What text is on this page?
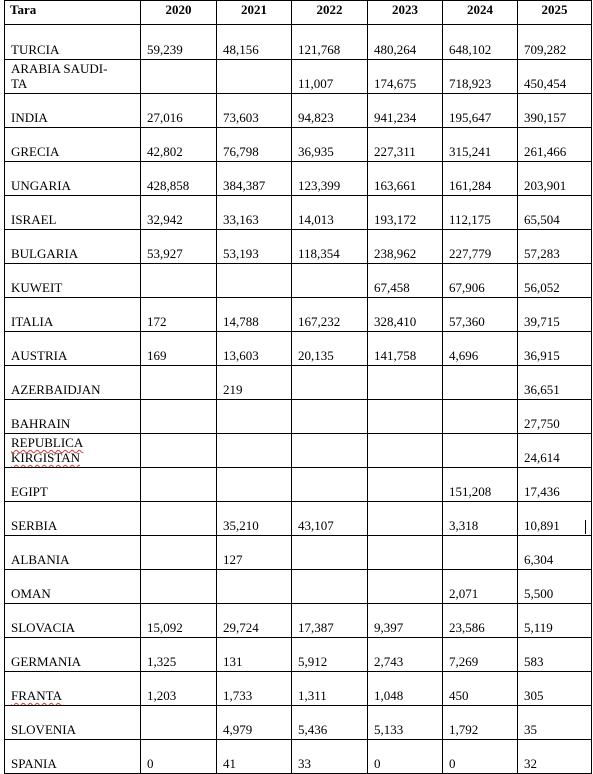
Tara	2020	2021	2022	2023	2024	2025
TURCIA	59,239	48,156	121,768	480,264	648,102	709,282
ARABIA SAUDI-
TA			11,007	174,675	718,923	450,454
INDIA	27,016	73,603	94,823	941,234	195,647	390,157
GRECIA	42,802	76,798	36,935	227,311	315,241	261,466
UNGARIA	428,858	384,387	123,399	163,661	161,284	203,901
ISRAEL	32,942	33,163	14,013	193,172	112,175	65,504
BULGARIA	53,927	53,193	118,354	238,962	227,779	57,283
KUWEIT				67,458	67,906	56,052
ITALIA	172	14,788	167,232	328,410	57,360	39,715
AUSTRIA	169	13,603	20,135	141,758	4,696	36,915
AZERBAIDJAN		219				36,651
BAHRAIN						27,750
REPUBLICA
KIRGISTAN						24,614
EGIPT					151,208	17,436
SERBIA		35,210	43,107		3,318	10,891
ALBANIA		127				6,304
OMAN					2,071	5,500
SLOVACIA	15,092	29,724	17,387	9,397	23,586	5,119
GERMANIA	1,325	131	5,912	2,743	7,269	583
FRANTA	1,203	1,733	1,311	1,048	450	305
SLOVENIA		4,979	5,436	5,133	1,792	35
SPANIA	0	41	33	0	0	32
